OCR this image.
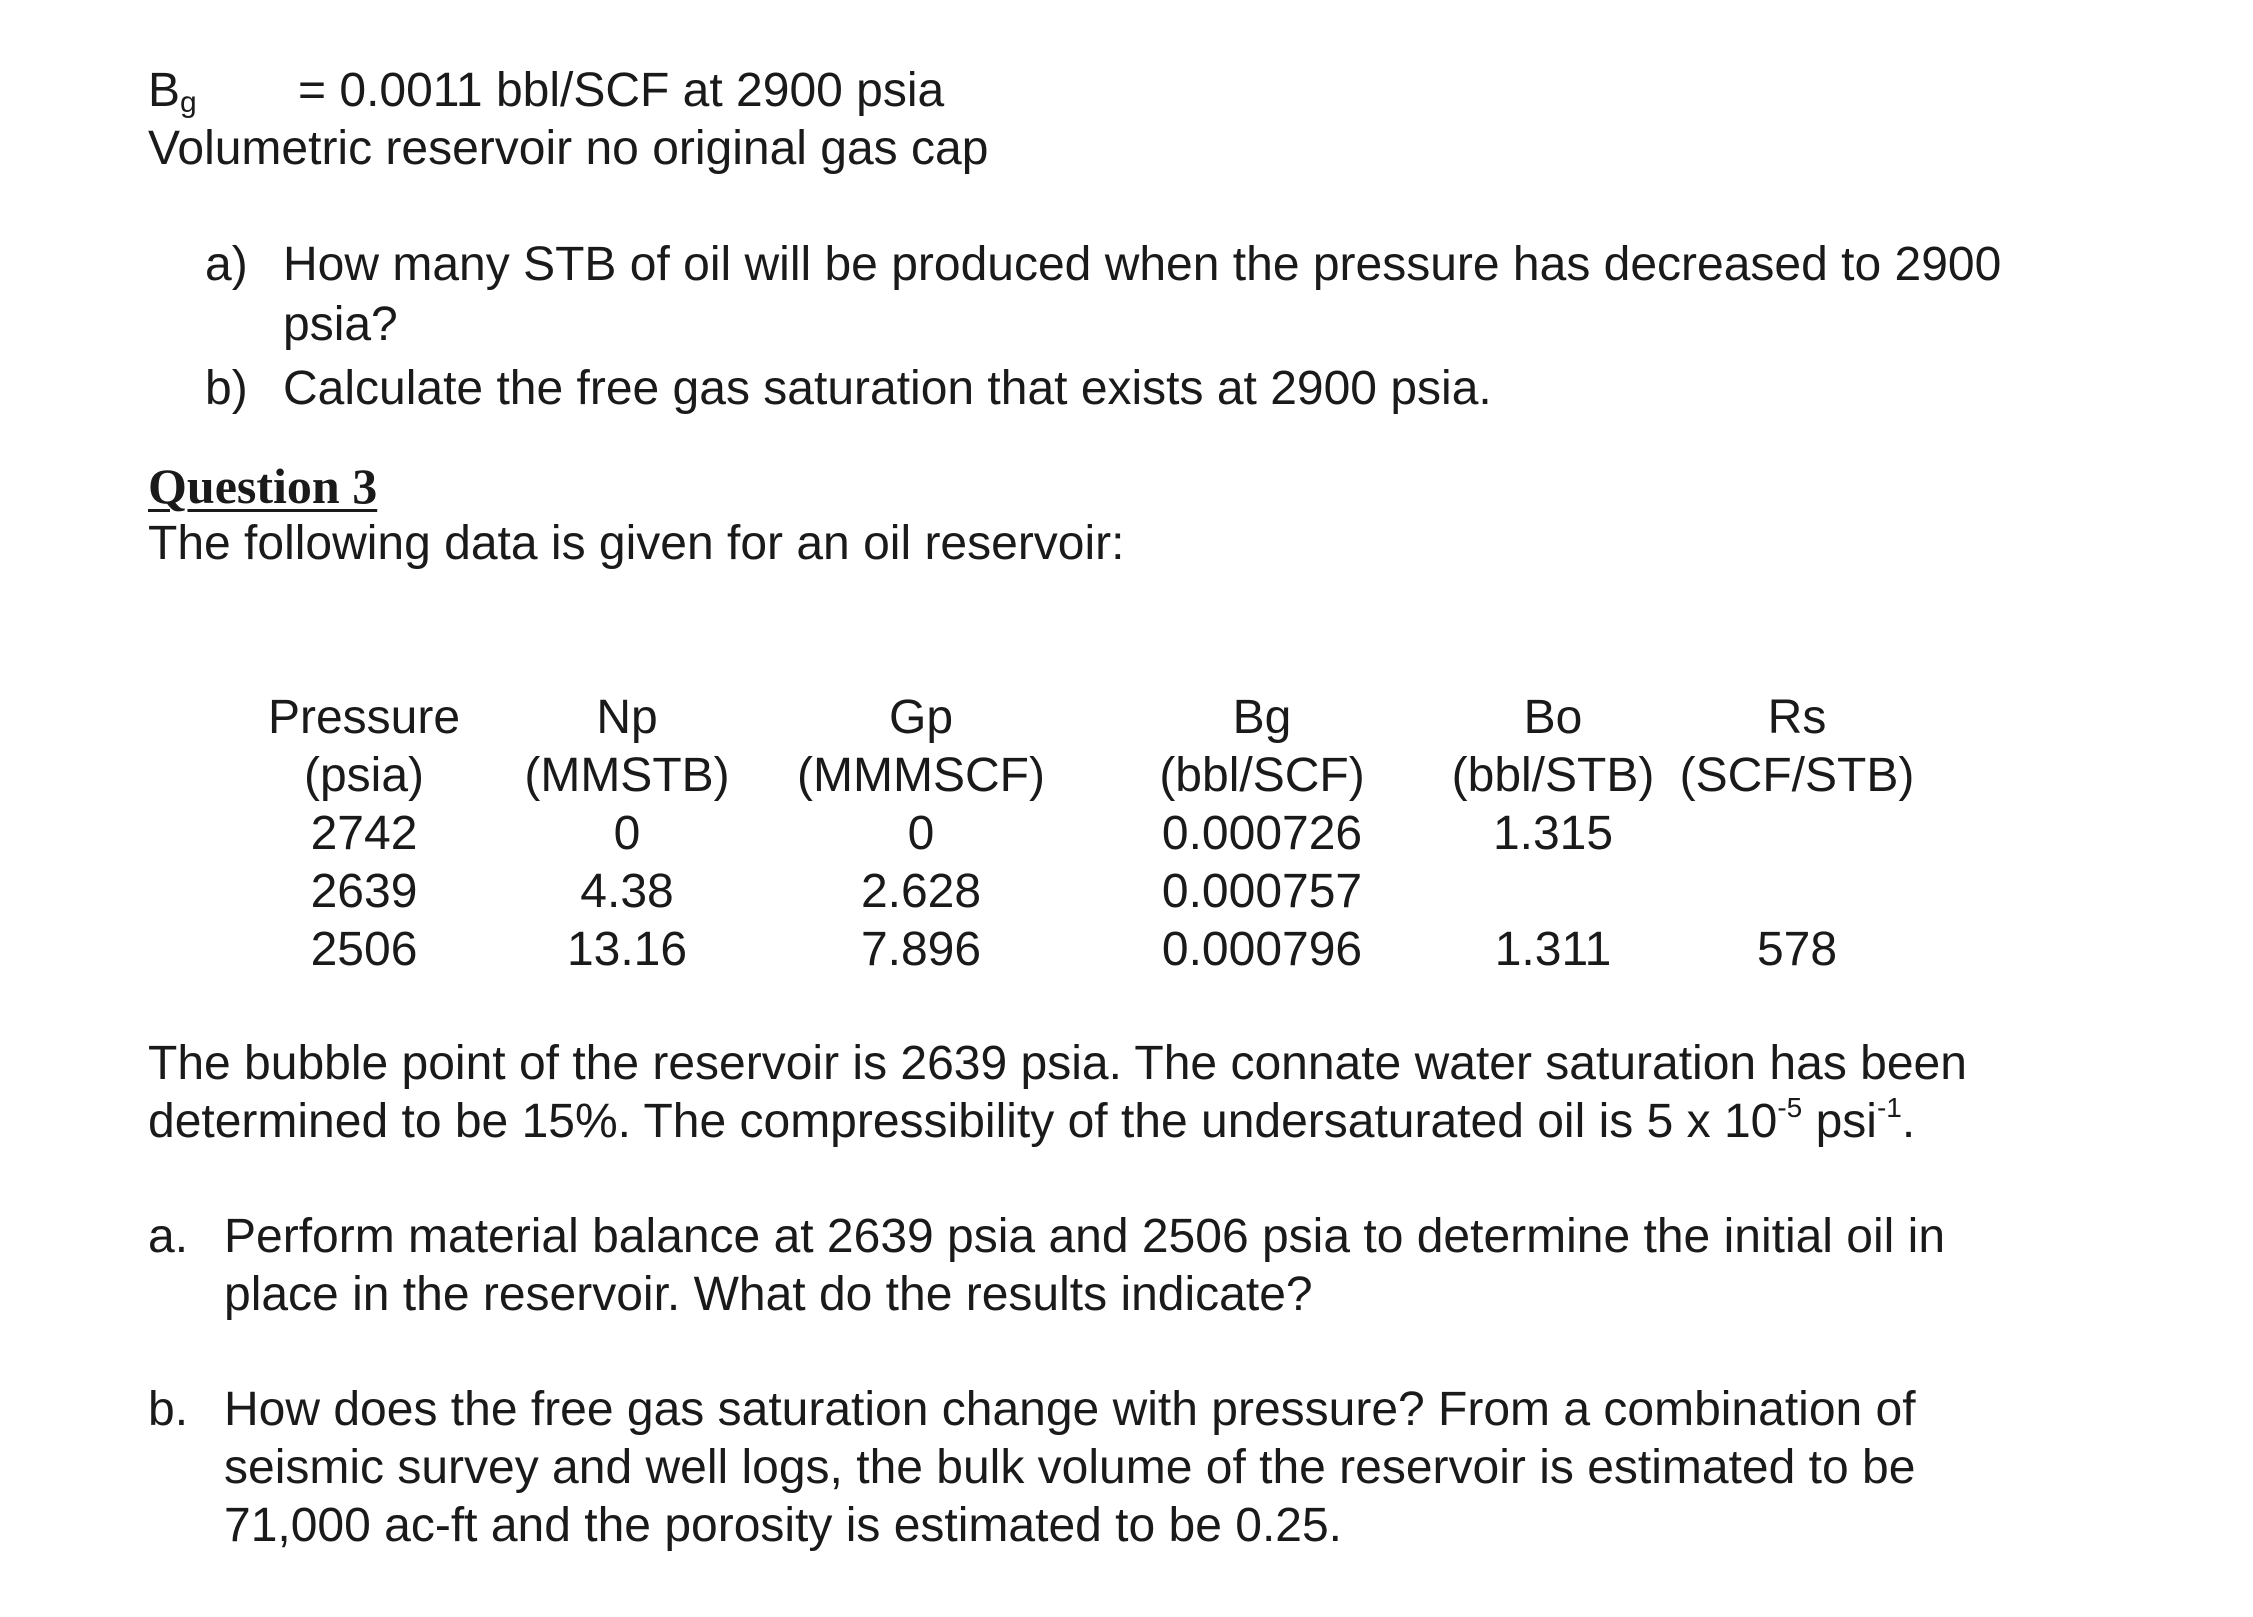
Bg = 0.0011 bbl/SCF at 2900 psia
Volumetric reservoir no original gas cap
a) How many STB of oil will be produced when the pressure has decreased to 2900
psia?
b) Calculate the free gas saturation that exists at 2900 psia.
Question 3
The following data is given for an oil reservoir:
Pressure	Np	Gp	Bg	Bo	Rs
(psia) (MMSTB) (MMMSCF) (bbl/SCF) (bbl/STB) (SCF/STB)
2742	0	0	0.000726	1.315
2639	4.38	2.628	0.000757
2506	13.16	7.896	0.000796	1.311	578
The bubble point of the reservoir is 2639 psia. The connate water saturation has been
determined to be 15%. The compressibility of the undersaturated oil is 5 x $10^{-5}$ psi$^{-1}$.
a. Perform material balance at 2639 psia and 2506 psia to determine the initial oil in
place in the reservoir. What do the results indicate?
b. How does the free gas saturation change with pressure? From a combination of
seismic survey and well logs, the bulk volume of the reservoir is estimated to be
71,000 ac-ft and the porosity is estimated to be 0.25.
